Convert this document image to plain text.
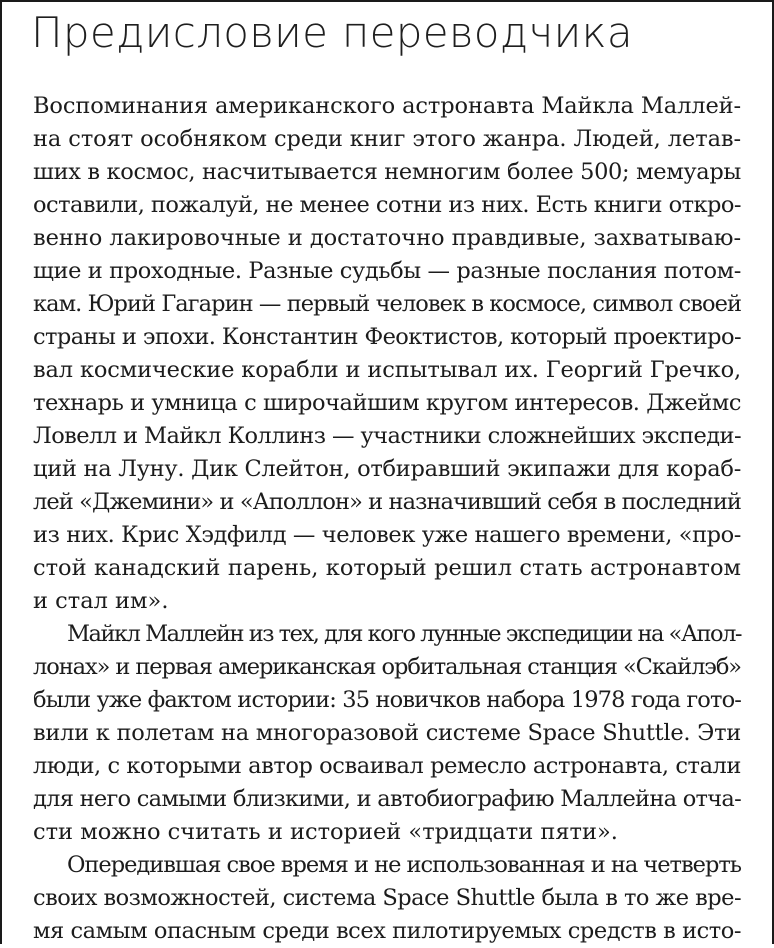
Предисловие переводчика
Воспоминания американского астронавта Майкла Маллей-
на стоят особняком среди книг этого жанра. Людей, летав-
ших в космос, насчитывается немногим более 500; мемуары
оставили, пожалуй, не менее сотни из них. Есть книги откро-
венно лакировочные и достаточно правдивые, захватываю-
щие и проходные. Разные судьбы — разные послания потом-
кам. Юрий Гагарин — первый человек в космосе, символ своей
страны и эпохи. Константин Феоктистов, который проектиро-
вал космические корабли и испытывал их. Георгий Гречко,
технарь и умница с широчайшим кругом интересов. Джеймс
Ловелл и Майкл Коллинз — участники сложнейших экспеди-
ций на Луну. Дик Слейтон, отбиравший экипажи для кораб-
лей «Джемини» и «Аполлон» и назначивший себя в последний
из них. Крис Хэдфилд — человек уже нашего времени, «про-
стой канадский парень, который решил стать астронавтом
и стал им».
Майкл Маллейн из тех, для кого лунные экспедиции на «Апол-
лонах» и первая американская орбитальная станция «Скайлэб»
были уже фактом истории: 35 новичков набора 1978 года гото-
вили к полетам на многоразовой системе Space Shuttle. Эти
люди, с которыми автор осваивал ремесло астронавта, стали
для него самыми близкими, и автобиографию Маллейна отча-
сти можно считать и историей «тридцати пяти».
Опередившая свое время и не использованная и на четверть
своих возможностей, система Space Shuttle была в то же вре-
мя самым опасным среди всех пилотируемых средств в исто-
